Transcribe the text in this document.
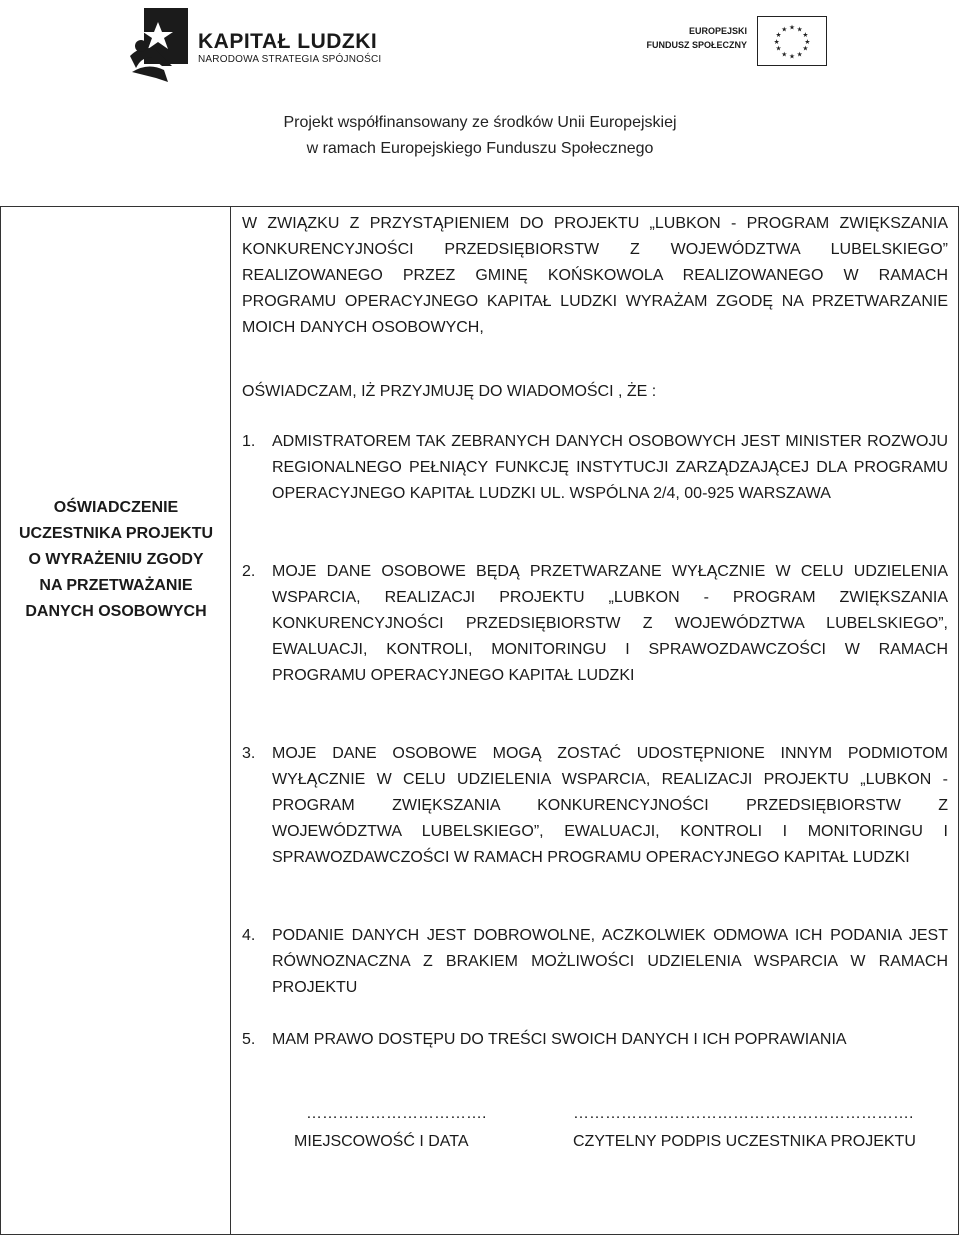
KAPITAŁ LUDZKI
NARODOWA STRATEGIA SPÓJNOŚCI
EUROPEJSKI
FUNDUSZ SPOŁECZNY
★ ★
★
★
★
★
★
★
★
★
★
★
Projekt współfinansowany ze środków Unii Europejskiej
w ramach Europejskiego Funduszu Społecznego
OŚWIADCZENIE
UCZESTNIKA PROJEKTU
O WYRAŻENIU ZGODY
NA PRZETWAŻANIE
DANYCH OSOBOWYCH
W ZWIĄZKU Z PRZYSTĄPIENIEM DO PROJEKTU „LUBKON - PROGRAM ZWIĘKSZANIA KONKURENCYJNOŚCI PRZEDSIĘBIORSTW Z WOJEWÓDZTWA LUBELSKIEGO” REALIZOWANEGO PRZEZ GMINĘ KOŃSKOWOLA REALIZOWANEGO W RAMACH PROGRAMU OPERACYJNEGO KAPITAŁ LUDZKI WYRAŻAM ZGODĘ NA PRZETWARZANIE MOICH DANYCH OSOBOWYCH,
OŚWIADCZAM, IŻ PRZYJMUJĘ DO WIADOMOŚCI , ŻE :
1. ADMISTRATOREM TAK ZEBRANYCH DANYCH OSOBOWYCH JEST MINISTER ROZWOJU REGIONALNEGO PEŁNIĄCY FUNKCJĘ INSTYTUCJI ZARZĄDZAJĄCEJ DLA PROGRAMU OPERACYJNEGO KAPITAŁ LUDZKI UL. WSPÓLNA 2/4, 00-925 WARSZAWA
2. MOJE DANE OSOBOWE BĘDĄ PRZETWARZANE WYŁĄCZNIE W CELU UDZIELENIA WSPARCIA, REALIZACJI PROJEKTU „LUBKON - PROGRAM ZWIĘKSZANIA KONKURENCYJNOŚCI PRZEDSIĘBIORSTW Z WOJEWÓDZTWA LUBELSKIEGO”, EWALUACJI, KONTROLI, MONITORINGU I SPRAWOZDAWCZOŚCI W RAMACH PROGRAMU OPERACYJNEGO KAPITAŁ LUDZKI
3. MOJE DANE OSOBOWE MOGĄ ZOSTAĆ UDOSTĘPNIONE INNYM PODMIOTOM WYŁĄCZNIE W CELU UDZIELENIA WSPARCIA, REALIZACJI PROJEKTU „LUBKON - PROGRAM ZWIĘKSZANIA KONKURENCYJNOŚCI PRZEDSIĘBIORSTW Z WOJEWÓDZTWA LUBELSKIEGO”, EWALUACJI, KONTROLI I MONITORINGU I SPRAWOZDAWCZOŚCI W RAMACH PROGRAMU OPERACYJNEGO KAPITAŁ LUDZKI
4. PODANIE DANYCH JEST DOBROWOLNE, ACZKOLWIEK ODMOWA ICH PODANIA JEST RÓWNOZNACZNA Z BRAKIEM MOŻLIWOŚCI UDZIELENIA WSPARCIA W RAMACH PROJEKTU
5. MAM PRAWO DOSTĘPU DO TREŚCI SWOICH DANYCH I ICH POPRAWIANIA
…………………………….
MIEJSCOWOŚĆ I DATA
……………………………………………………….
CZYTELNY PODPIS UCZESTNIKA PROJEKTU
